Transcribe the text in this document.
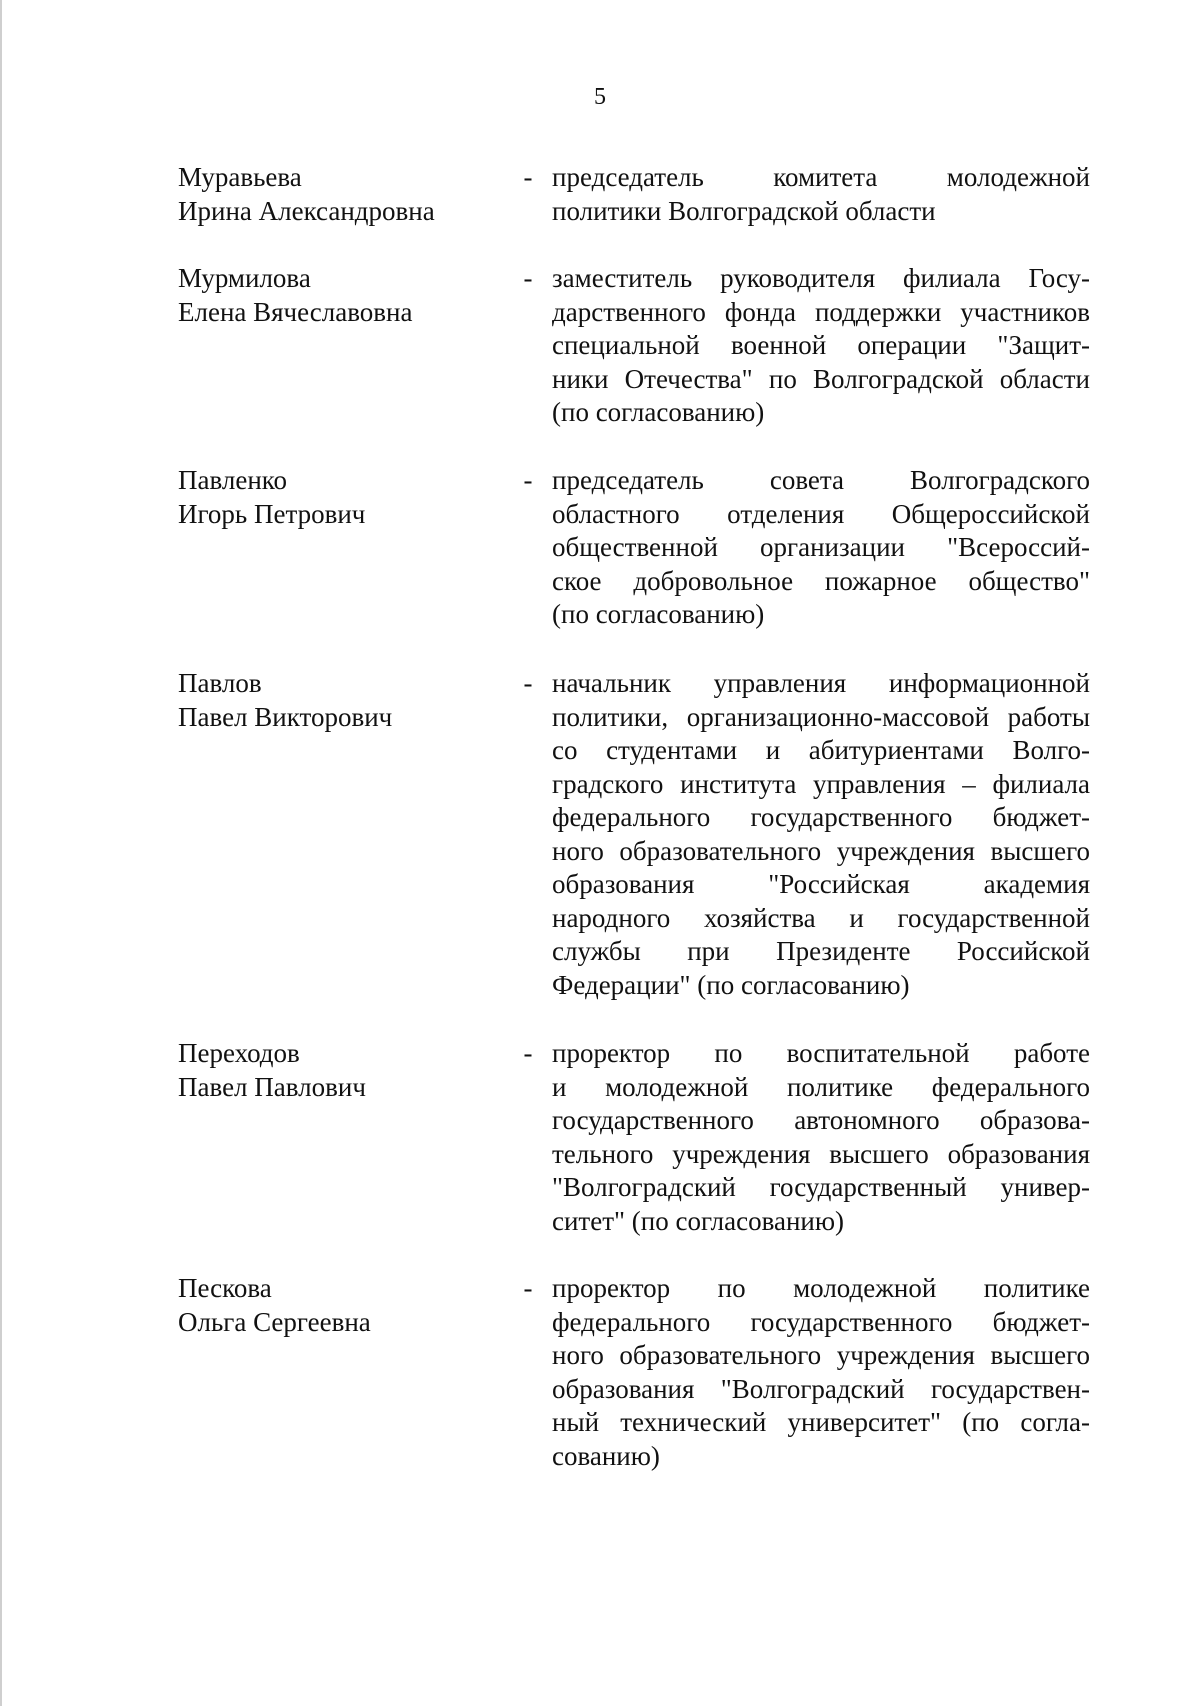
5
Муравьева
Ирина Александровна
- председатель комитета молодежной
политики Волгоградской области
Мурмилова
Елена Вячеславовна
- заместитель руководителя филиала Госу-
дарственного фонда поддержки участников
специальной военной операции "Защит-
ники Отечества" по Волгоградской области
(по согласованию)
Павленко
Игорь Петрович
- председатель совета Волгоградского
областного отделения Общероссийской
общественной организации "Всероссий-
ское добровольное пожарное общество"
(по согласованию)
Павлов
Павел Викторович
- начальник управления информационной
политики, организационно-массовой работы
со студентами и абитуриентами Волго-
градского института управления – филиала
федерального государственного бюджет-
ного образовательного учреждения высшего
образования "Российская академия
народного хозяйства и государственной
службы при Президенте Российской
Федерации" (по согласованию)
Переходов
Павел Павлович
- проректор по воспитательной работе
и молодежной политике федерального
государственного автономного образова-
тельного учреждения высшего образования
"Волгоградский государственный универ-
ситет" (по согласованию)
Пескова
Ольга Сергеевна
- проректор по молодежной политике
федерального государственного бюджет-
ного образовательного учреждения высшего
образования "Волгоградский государствен-
ный технический университет" (по согла-
сованию)
